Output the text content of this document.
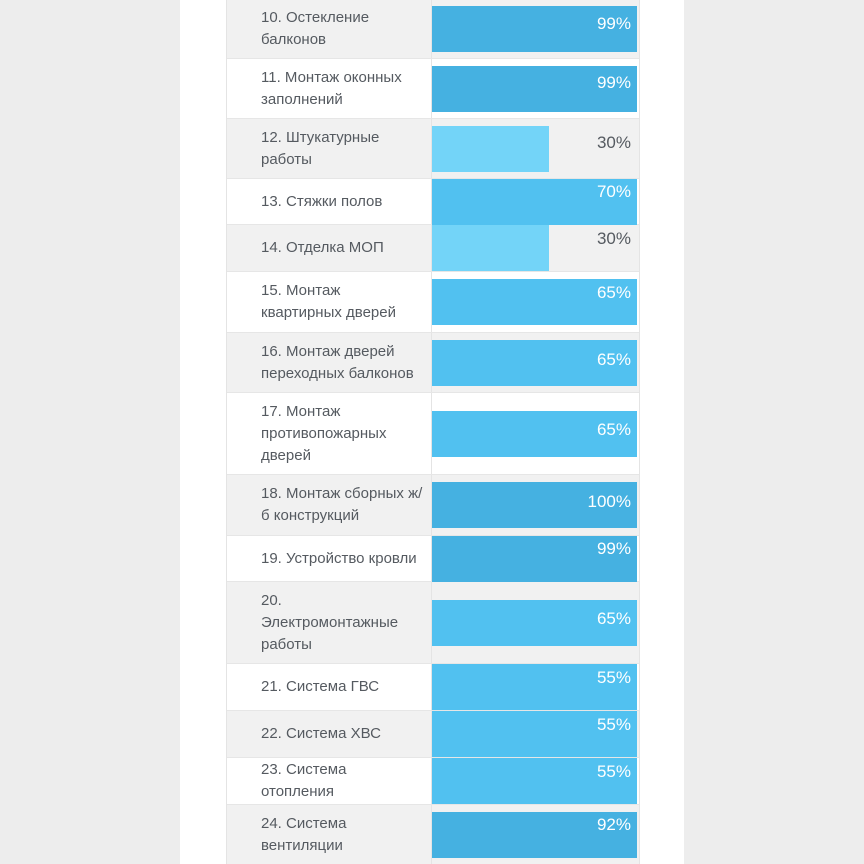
10. Остекление балконов
99%
11. Монтаж оконных заполнений
99%
12. Штукатурные работы
30%
13. Стяжки полов	70%
14. Отделка МОП	30%
15. Монтаж квартирных дверей
65%
16. Монтаж дверей переходных балконов
65%
17. Монтаж противопожарных дверей
65%
18. Монтаж сборных ж/б конструкций
100%
19. Устройство кровли	99%
20. Электромонтажные работы
65%
21. Система ГВС	55%
22. Система ХВС	55%
23. Система отопления
55%
24. Система вентиляции
92%
